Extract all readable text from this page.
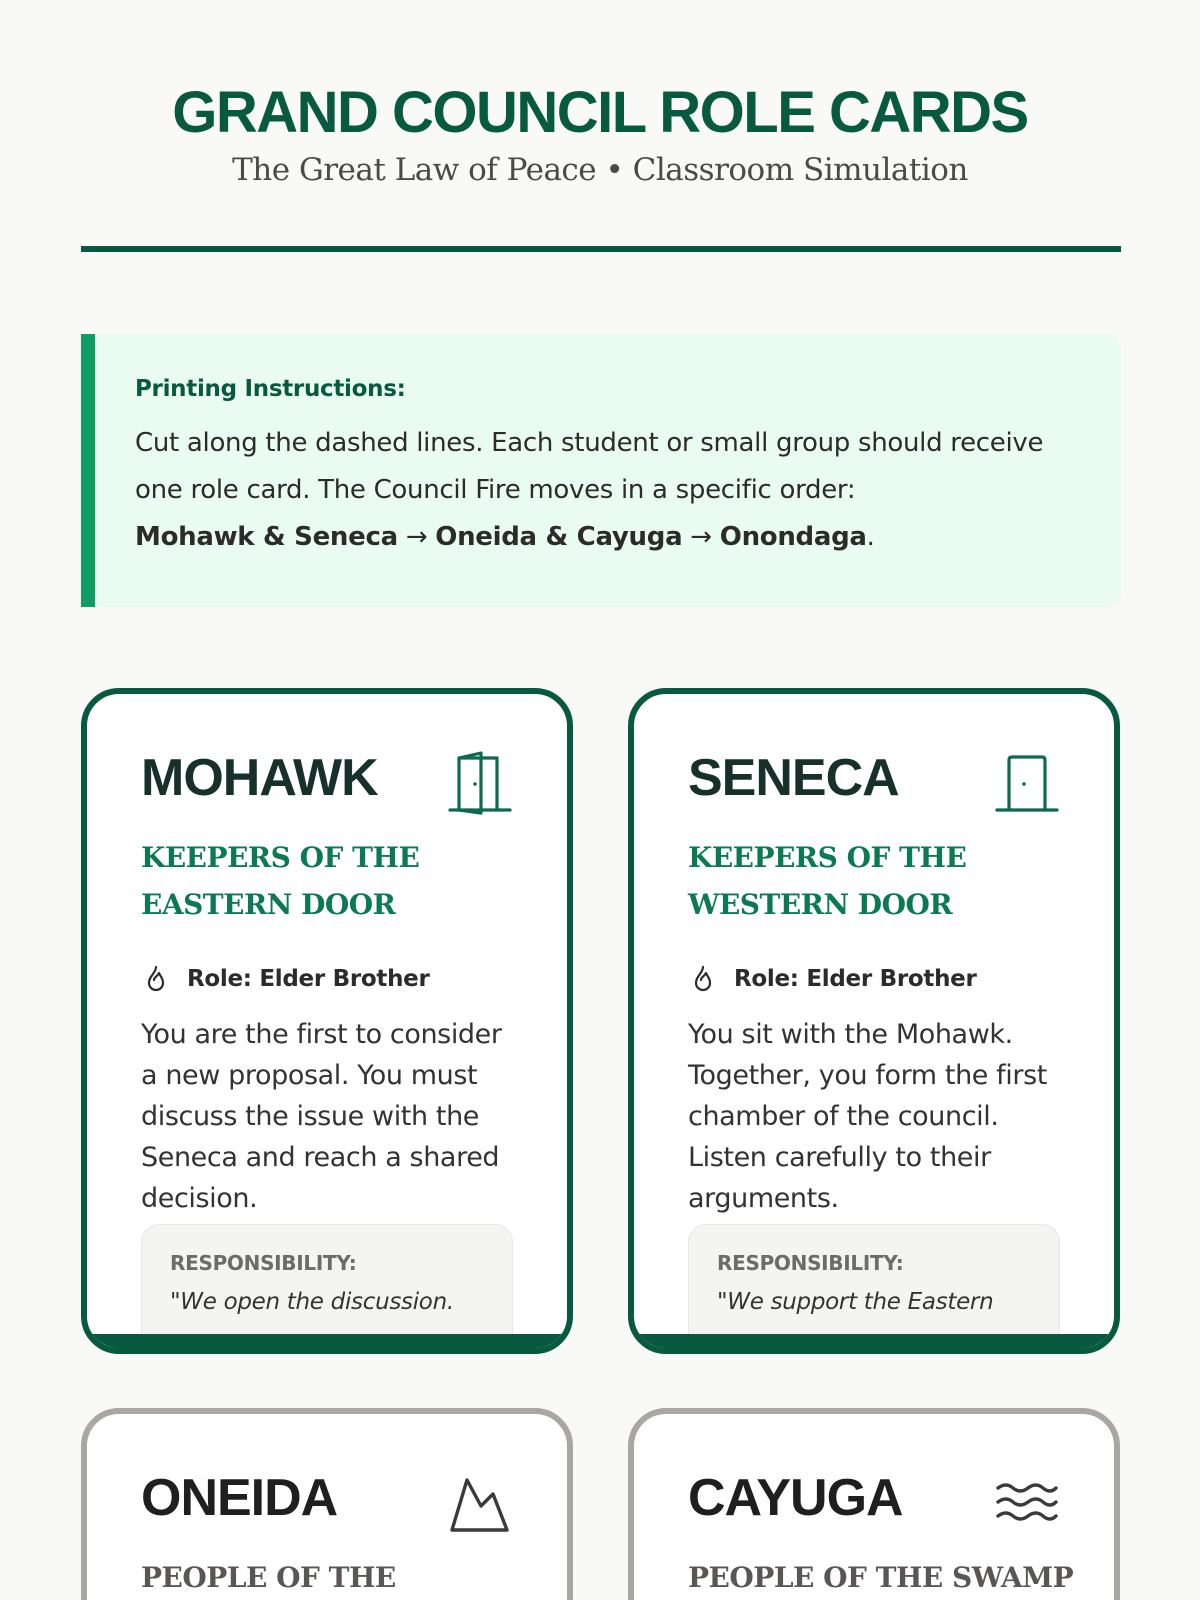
GRAND COUNCIL ROLE CARDS
The Great Law of Peace • Classroom Simulation
Printing Instructions:
Cut along the dashed lines. Each student or small group should receive one role card. The Council Fire moves in a specific order:
Mohawk & Seneca → Oneida & Cayuga → Onondaga.
MOHAWK
KEEPERS OF THE EASTERN DOOR
Role: Elder Brother
You are the first to consider a new proposal. You must discuss the issue with the Seneca and reach a shared decision.
RESPONSIBILITY:
"We open the discussion.
SENECA
KEEPERS OF THE WESTERN DOOR
Role: Elder Brother
You sit with the Mohawk. Together, you form the first chamber of the council. Listen carefully to their arguments.
RESPONSIBILITY:
"We support the Eastern
ONEIDA
PEOPLE OF THE
CAYUGA
PEOPLE OF THE SWAMP
